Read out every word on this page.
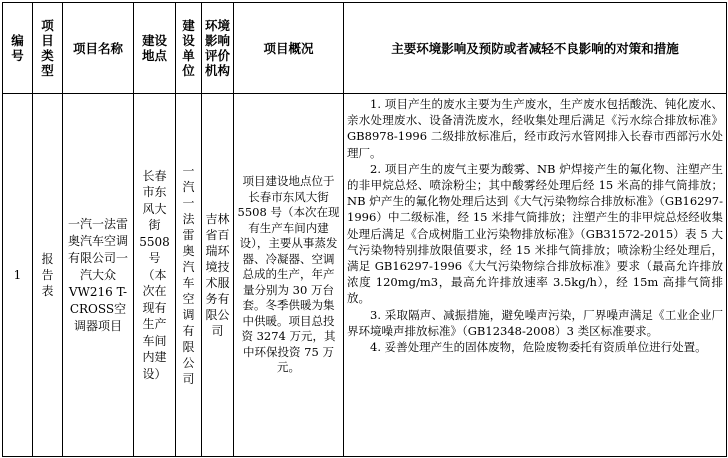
编号	项目类型	项目名称	建设地点	建设单位	环境影响评价机构	项目概况	主要环境影响及预防或者减轻不良影响的对策和措施
1	报告表	一汽一法雷奥汽车空调有限公司一汽大众VW216 T-CROSS空调器项目	长春市东风大街5508号（本次在现有生产车间内建设）	一汽一法雷奥汽车空调有限公司	吉林省百瑞环境技术服务有限公司	项目建设地点位于长春市东风大街 5508 号（本次在现有生产车间内建设），主要从事蒸发器、冷凝器、空调总成的生产，年产量分别为 30 万台套。冬季供暖为集中供暖。项目总投资 3274 万元，其中环保投资 75 万元。	1. 项目产生的废水主要为生产废水，生产废水包括酸洗、钝化废水、亲水处理废水、设备清洗废水，经收集处理后满足《污水综合排放标准》GB8978-1996 二级排放标准后，经市政污水管网排入长春市西部污水处理厂。

2. 项目产生的废气主要为酸雾、NB 炉焊接产生的氟化物、注塑产生的非甲烷总烃、喷涂粉尘；其中酸雾经处理后经 15 米高的排气筒排放；NB 炉产生的氟化物处理后达到《大气污染物综合排放标准》（GB16297-1996）中二级标准，经 15 米排气筒排放；注塑产生的非甲烷总烃经收集处理后满足《合成树脂工业污染物排放标准》（GB31572-2015）表 5 大气污染物特别排放限值要求，经 15 米排气筒排放；喷涂粉尘经处理后，满足 GB16297-1996《大气污染物综合排放标准》要求（最高允许排放浓度 120mg/m3，最高允许排放速率 3.5kg/h），经 15m 高排气筒排放。

3. 采取隔声、减振措施，避免噪声污染，厂界噪声满足《工业企业厂界环境噪声排放标准》（GB12348-2008）3 类区标准要求。

4. 妥善处理产生的固体废物，危险废物委托有资质单位进行处置。
